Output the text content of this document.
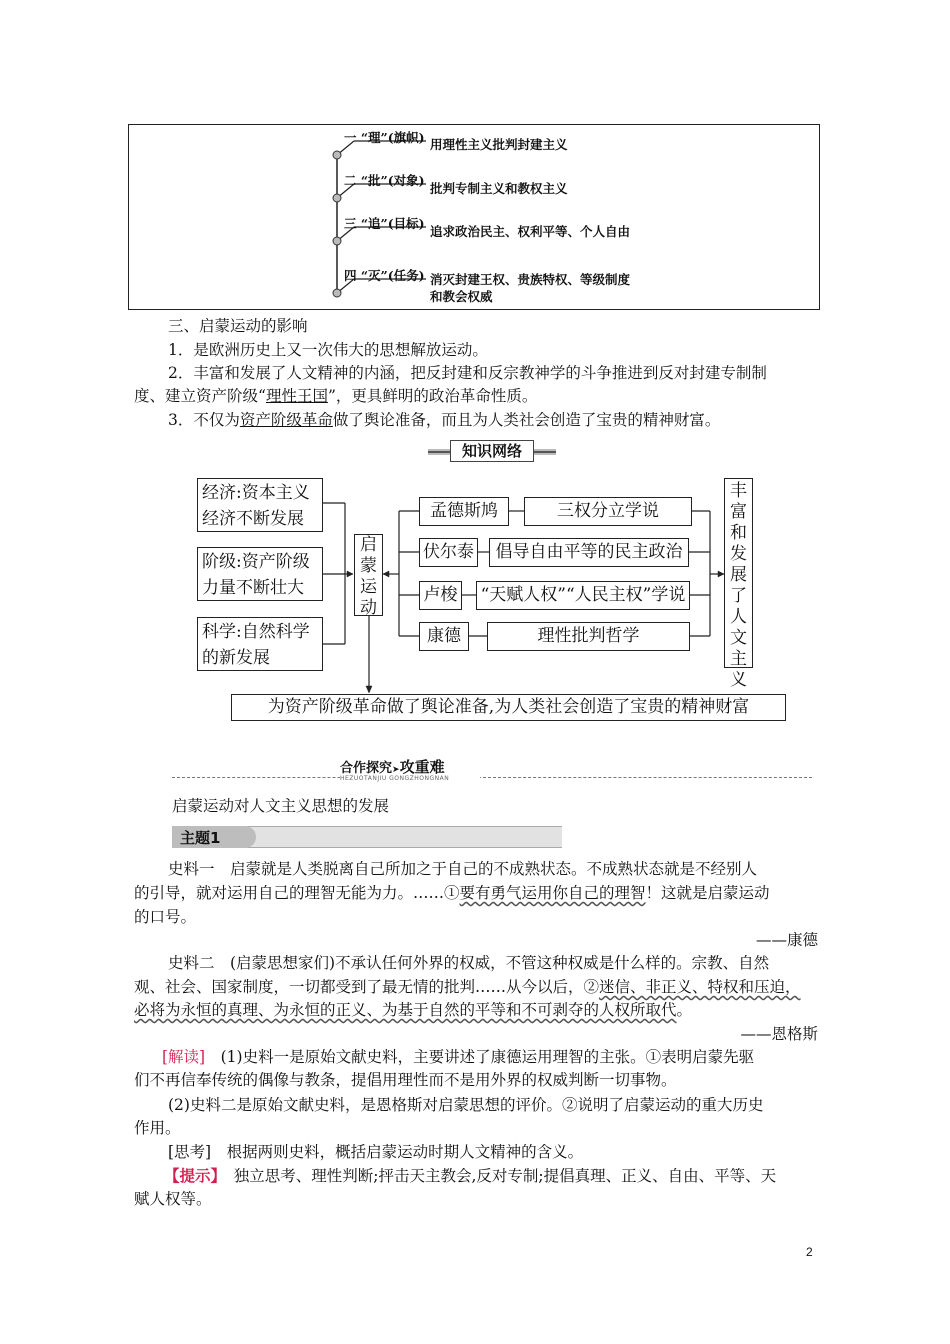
一 “理”(旗帜) 用理性主义批判封建主义
二 “批”(对象)
批判专制主义和教权主义
三 “追”(目标)
追求政治民主、权利平等、个人自由
四 “灭”(任务) 消灭封建王权、贵族特权、等级制度
和教会权威
三、启蒙运动的影响
1．是欧洲历史上又一次伟大的思想解放运动。
2．丰富和发展了人文精神的内涵，把反封建和反宗教神学的斗争推进到反对封建专制制
度、建立资产阶级“理性王国”，更具鲜明的政治革命性质。
3．不仅为资产阶级革命做了舆论准备，而且为人类社会创造了宝贵的精神财富。
知识网络
经济:资本主义
经济不断发展
阶级:资产阶级
力量不断壮大
科学:自然科学
的新发展
启蒙运动
孟德斯鸠
伏尔泰
卢梭
康德
三权分立学说
倡导自由平等的民主政治
“天赋人权”“人民主权”学说
理性批判哲学
丰富和发展了人文主义
为资产阶级革命做了舆论准备,为人类社会创造了宝贵的精神财富
合作探究➤攻重难
HEZUOTANJIU GONGZHONGNAN
启蒙运动对人文主义思想的发展
主题1
史料一　启蒙就是人类脱离自己所加之于自己的不成熟状态。不成熟状态就是不经别人
的引导，就对运用自己的理智无能为力。……①要有勇气运用你自己的理智！这就是启蒙运动
的口号。
——康德
史料二　(启蒙思想家们)不承认任何外界的权威，不管这种权威是什么样的。宗教、自然
观、社会、国家制度，一切都受到了最无情的批判……从今以后，②迷信、非正义、特权和压迫，
必将为永恒的真理、为永恒的正义、为基于自然的平等和不可剥夺的人权所取代。
——恩格斯
[解读]　 (1)史料一是原始文献史料，主要讲述了康德运用理智的主张。①表明启蒙先驱
们不再信奉传统的偶像与教条，提倡用理性而不是用外界的权威判断一切事物。
(2)史料二是原始文献史料，是恩格斯对启蒙思想的评价。②说明了启蒙运动的重大历史
作用。
[思考]　 根据两则史料，概括启蒙运动时期人文精神的含义。
【提示】　 独立思考、理性判断;抨击天主教会,反对专制;提倡真理、正义、自由、平等、天
赋人权等。
2
